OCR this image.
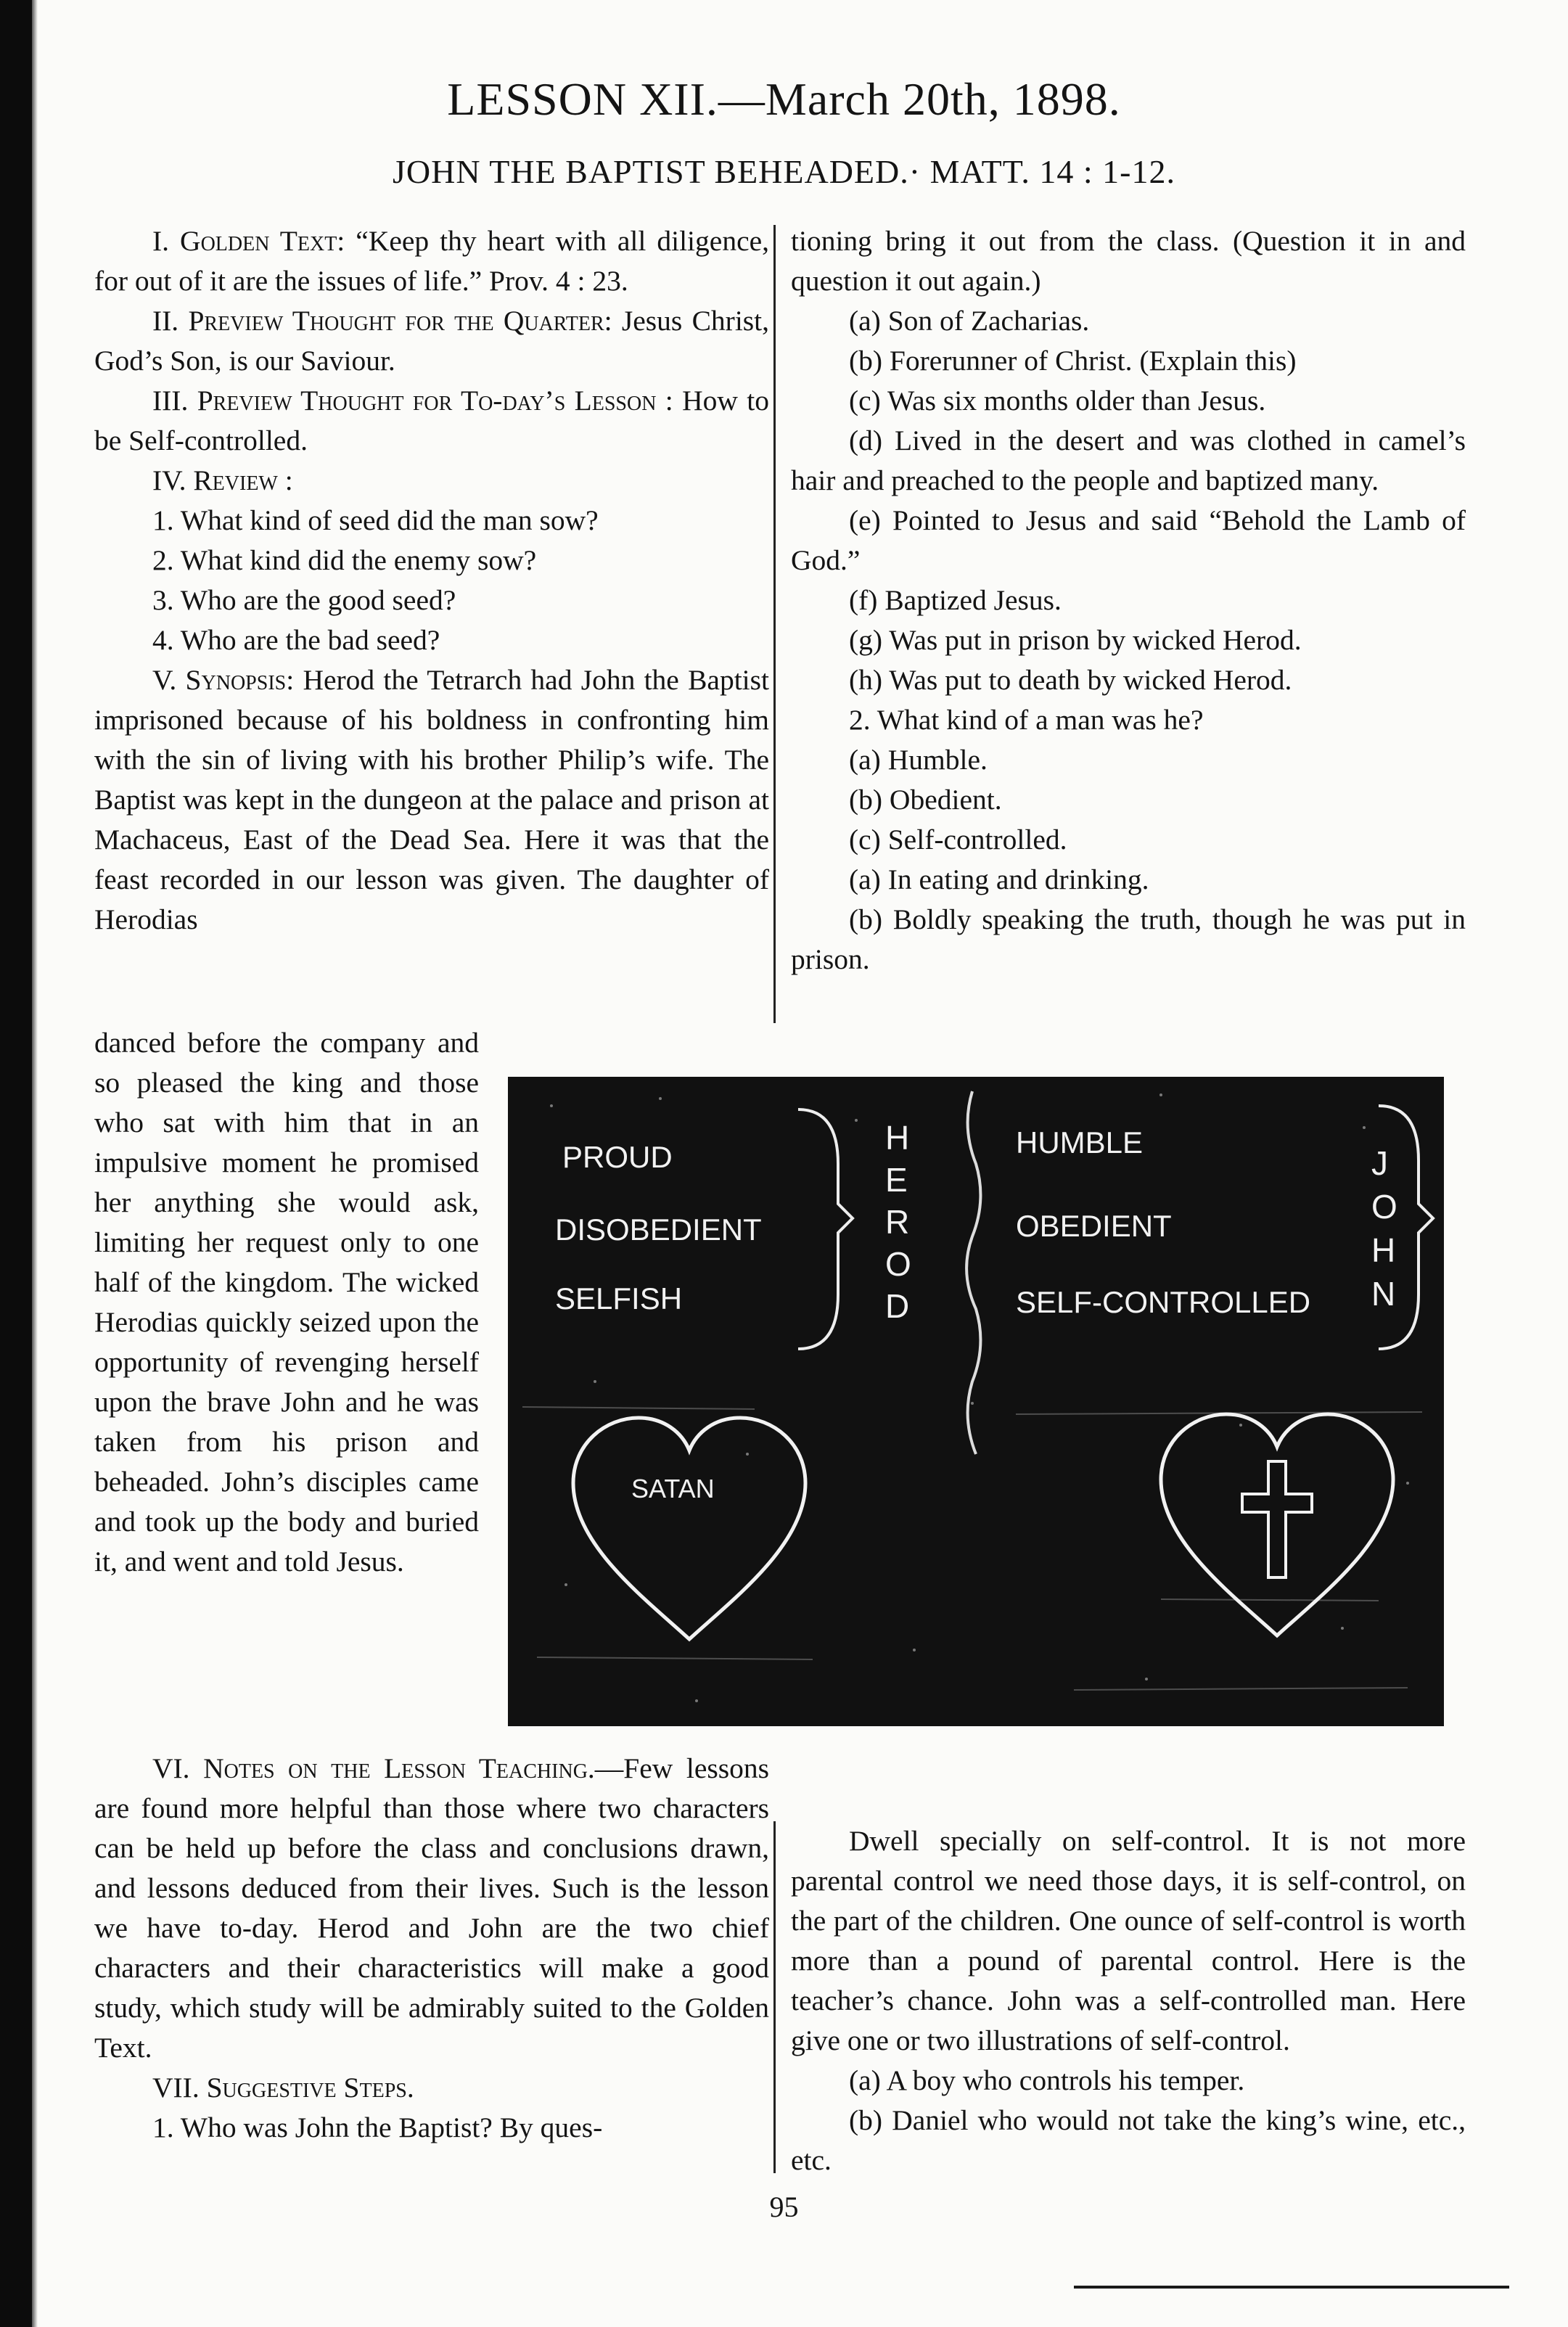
LESSON XII.—March 20th, 1898.
JOHN THE BAPTIST BEHEADED.· MATT. 14 : 1-12.

I. Golden Text: “Keep thy heart with all diligence, for out of it are the issues of life.” Prov. 4 : 23.

II. Preview Thought for the Quarter: Jesus Christ, God’s Son, is our Saviour.

III. Preview Thought for To-day’s Lesson : How to be Self-controlled.

IV. Review :

1. What kind of seed did the man sow?

2. What kind did the enemy sow?

3. Who are the good seed?

4. Who are the bad seed?

V. Synopsis: Herod the Tetrarch had John the Baptist imprisoned because of his boldness in confronting him with the sin of living with his brother Philip’s wife. The Baptist was kept in the dungeon at the palace and prison at Machaceus, East of the Dead Sea. Here it was that the feast recorded in our lesson was given. The daughter of Herodias

tioning bring it out from the class. (Question it in and question it out again.)

(a) Son of Zacharias.

(b) Forerunner of Christ. (Explain this)

(c) Was six months older than Jesus.

(d) Lived in the desert and was clothed in camel’s hair and preached to the people and baptized many.

(e) Pointed to Jesus and said “Behold the Lamb of God.”

(f) Baptized Jesus.

(g) Was put in prison by wicked Herod.

(h) Was put to death by wicked Herod.

2. What kind of a man was he?

(a) Humble.

(b) Obedient.

(c) Self-controlled.

(a) In eating and drinking.

(b) Boldly speaking the truth, though he was put in prison.

danced before the company and so pleased the king and those who sat with him that in an impulsive moment he promised her anything she would ask, limiting her request only to one half of the kingdom. The wicked Herodias quickly seized upon the opportunity of revenging herself upon the brave John and he was taken from his prison and beheaded. John’s disciples came and took up the body and buried it, and went and told Jesus.

PROUD
DISOBEDIENT
SELFISH
H
E
R
O
D
HUMBLE
OBEDIENT
SELF-CONTROLLED
J
O
H
N
SATAN

VI. Notes on the Lesson Teaching.—Few lessons are found more helpful than those where two characters can be held up before the class and conclusions drawn, and lessons deduced from their lives. Such is the lesson we have to-day. Herod and John are the two chief characters and their characteristics will make a good study, which study will be admirably suited to the Golden Text.

VII. Suggestive Steps.

1. Who was John the Baptist? By ques-

Dwell specially on self-control. It is not more parental control we need those days, it is self-control, on the part of the children. One ounce of self-control is worth more than a pound of parental control. Here is the teacher’s chance. John was a self-controlled man. Here give one or two illustrations of self-control.

(a) A boy who controls his temper.

(b) Daniel who would not take the king’s wine, etc., etc.

95
